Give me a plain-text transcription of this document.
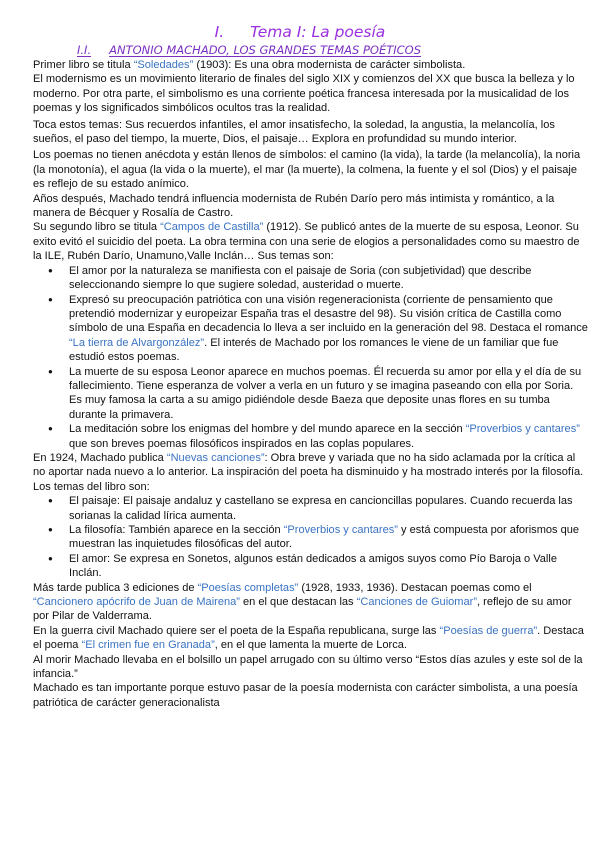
I. Tema I: La poesía
I.I. ANTONIO MACHADO, LOS GRANDES TEMAS POÉTICOS

Primer libro se titula “Soledades” (1903): Es una obra modernista de carácter simbolista.

El modernismo es un movimiento literario de finales del siglo XIX y comienzos del XX que busca la belleza y lo moderno. Por otra parte, el simbolismo es una corriente poética francesa interesada por la musicalidad de los poemas y los significados simbólicos ocultos tras la realidad.

Toca estos temas: Sus recuerdos infantiles, el amor insatisfecho, la soledad, la angustia, la melancolía, los sueños, el paso del tiempo, la muerte, Dios, el paisaje… Explora en profundidad su mundo interior.

Los poemas no tienen anécdota y están llenos de símbolos: el camino (la vida), la tarde (la melancolía), la noria (la monotonía), el agua (la vida o la muerte), el mar (la muerte), la colmena, la fuente y el sol (Dios) y el paisaje es reflejo de su estado anímico.

Años después, Machado tendrá influencia modernista de Rubén Darío pero más intimista y romántico, a la manera de Bécquer y Rosalía de Castro.

Su segundo libro se titula “Campos de Castilla” (1912). Se publicó antes de la muerte de su esposa, Leonor. Su exito evitó el suicidio del poeta. La obra termina con una serie de elogios a personalidades como su maestro de la ILE, Rubén Darío, Unamuno,Valle Inclán… Sus temas son:

● El amor por la naturaleza se manifiesta con el paisaje de Soria (con subjetividad) que describe seleccionando siempre lo que sugiere soledad, austeridad o muerte.
● Expresó su preocupación patriótica con una visión regeneracionista (corriente de pensamiento que pretendió modernizar y europeizar España tras el desastre del 98). Su visión crítica de Castilla como símbolo de una España en decadencia lo lleva a ser incluido en la generación del 98. Destaca el romance “La tierra de Alvargonzález”. El interés de Machado por los romances le viene de un familiar que fue estudió estos poemas.
● La muerte de su esposa Leonor aparece en muchos poemas. Él recuerda su amor por ella y el día de su fallecimiento. Tiene esperanza de volver a verla en un futuro y se imagina paseando con ella por Soria. Es muy famosa la carta a su amigo pidiéndole desde Baeza que deposite unas flores en su tumba durante la primavera.
● La meditación sobre los enigmas del hombre y del mundo aparece en la sección “Proverbios y cantares” que son breves poemas filosóficos inspirados en las coplas populares.

En 1924, Machado publica “Nuevas canciones”: Obra breve y variada que no ha sido aclamada por la crítica al no aportar nada nuevo a lo anterior. La inspiración del poeta ha disminuido y ha mostrado interés por la filosofía. Los temas del libro son:

● El paisaje: El paisaje andaluz y castellano se expresa en cancioncillas populares. Cuando recuerda las sorianas la calidad lírica aumenta.
● La filosofía: También aparece en la sección “Proverbios y cantares” y está compuesta por aforismos que muestran las inquietudes filosóficas del autor.
● El amor: Se expresa en Sonetos, algunos están dedicados a amigos suyos como Pío Baroja o Valle Inclán.

Más tarde publica 3 ediciones de “Poesías completas” (1928, 1933, 1936). Destacan poemas como el “Cancionero apócrifo de Juan de Mairena” en el que destacan las “Canciones de Guiomar”, reflejo de su amor por Pilar de Valderrama.

En la guerra civil Machado quiere ser el poeta de la España republicana, surge las “Poesías de guerra”. Destaca el poema “El crimen fue en Granada”, en el que lamenta la muerte de Lorca.

Al morir Machado llevaba en el bolsillo un papel arrugado con su último verso “Estos días azules y este sol de la infancia.”

Machado es tan importante porque estuvo pasar de la poesía modernista con carácter simbolista, a una poesía patriótica de carácter generacionalista
